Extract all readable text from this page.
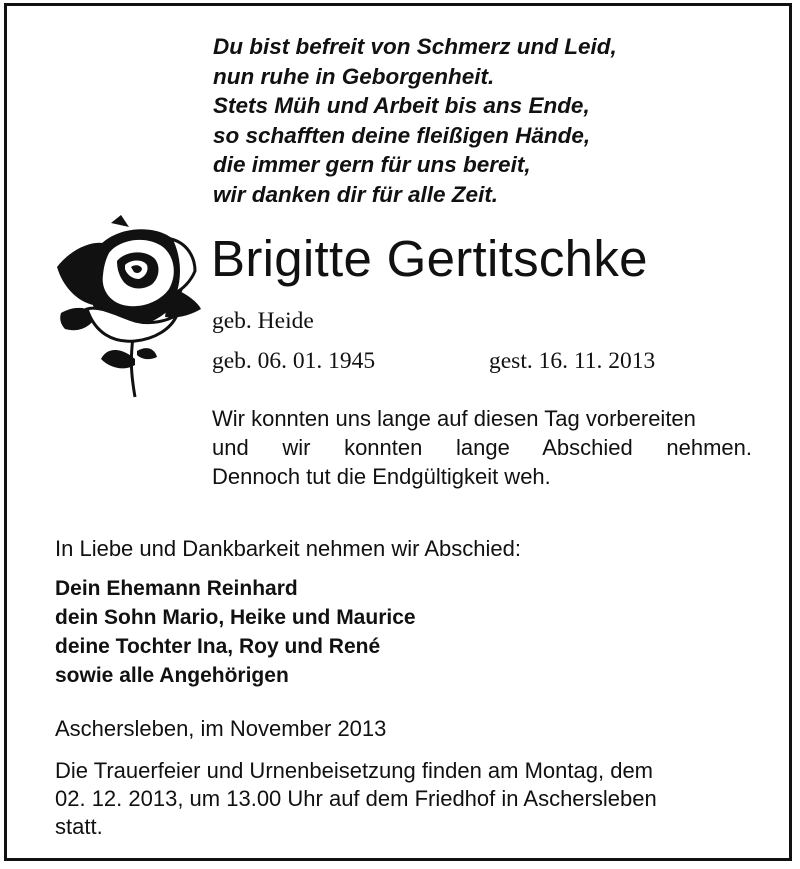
Du bist befreit von Schmerz und Leid,
nun ruhe in Geborgenheit.
Stets Müh und Arbeit bis ans Ende,
so schafften deine fleißigen Hände,
die immer gern für uns bereit,
wir danken dir für alle Zeit.
Brigitte Gertitschke
geb. Heide
geb. 06. 01. 1945	gest. 16. 11. 2013
Wir konnten uns lange auf diesen Tag vorbereiten
und wir konnten lange Abschied nehmen.
Dennoch tut die Endgültigkeit weh.
In Liebe und Dankbarkeit nehmen wir Abschied:
Dein Ehemann Reinhard
dein Sohn Mario, Heike und Maurice
deine Tochter Ina, Roy und René
sowie alle Angehörigen
Aschersleben, im November 2013
Die Trauerfeier und Urnenbeisetzung finden am Montag, dem
02. 12. 2013, um 13.00 Uhr auf dem Friedhof in Aschersleben
statt.
